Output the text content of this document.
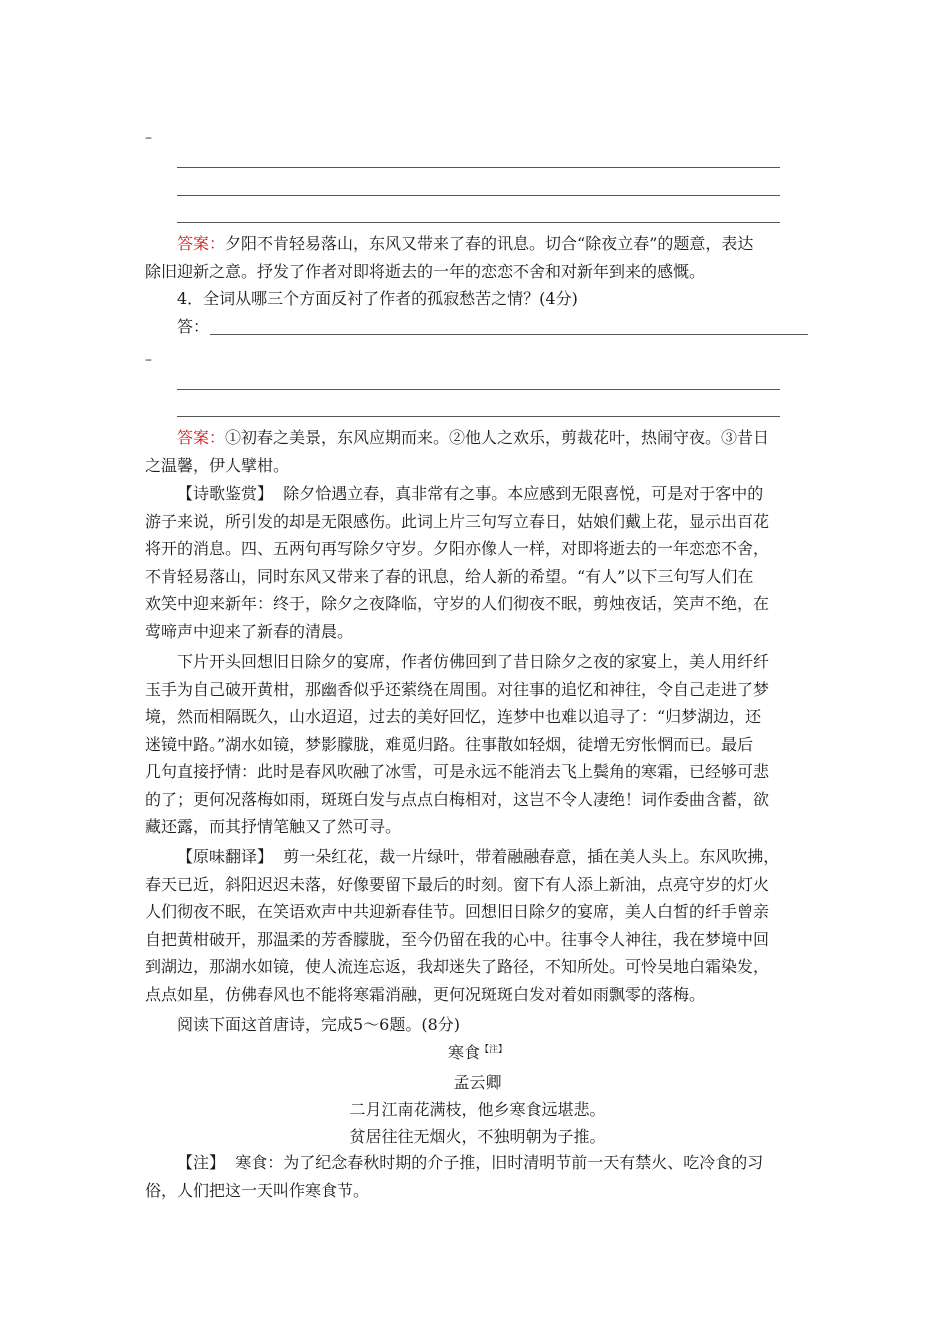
–
答案：夕阳不肯轻易落山，东风又带来了春的讯息。切合“除夜立春”的题意，表达
除旧迎新之意。抒发了作者对即将逝去的一年的恋恋不舍和对新年到来的感慨。
4．全词从哪三个方面反衬了作者的孤寂愁苦之情？(4分)
答：
–
答案：①初春之美景，东风应期而来。②他人之欢乐，剪裁花叶，热闹守夜。③昔日
之温馨，伊人擘柑。
【诗歌鉴赏】 除夕恰遇立春，真非常有之事。本应感到无限喜悦，可是对于客中的
游子来说，所引发的却是无限感伤。此词上片三句写立春日，姑娘们戴上花，显示出百花
将开的消息。四、五两句再写除夕守岁。夕阳亦像人一样，对即将逝去的一年恋恋不舍，
不肯轻易落山，同时东风又带来了春的讯息，给人新的希望。“有人”以下三句写人们在
欢笑中迎来新年：终于，除夕之夜降临，守岁的人们彻夜不眠，剪烛夜话，笑声不绝，在
莺啼声中迎来了新春的清晨。
下片开头回想旧日除夕的宴席，作者仿佛回到了昔日除夕之夜的家宴上，美人用纤纤
玉手为自己破开黄柑，那幽香似乎还萦绕在周围。对往事的追忆和神往，令自己走进了梦
境，然而相隔既久，山水迢迢，过去的美好回忆，连梦中也难以追寻了：“归梦湖边，还
迷镜中路。”湖水如镜，梦影朦胧，难觅归路。往事散如轻烟，徒增无穷怅惘而已。最后
几句直接抒情：此时是春风吹融了冰雪，可是永远不能消去飞上鬓角的寒霜，已经够可悲
的了；更何况落梅如雨，斑斑白发与点点白梅相对，这岂不令人凄绝！词作委曲含蓄，欲
藏还露，而其抒情笔触又了然可寻。
【原味翻译】 剪一朵红花，裁一片绿叶，带着融融春意，插在美人头上。东风吹拂，
春天已近，斜阳迟迟未落，好像要留下最后的时刻。窗下有人添上新油，点亮守岁的灯火
人们彻夜不眠，在笑语欢声中共迎新春佳节。回想旧日除夕的宴席，美人白皙的纤手曾亲
自把黄柑破开，那温柔的芳香朦胧，至今仍留在我的心中。往事令人神往，我在梦境中回
到湖边，那湖水如镜，使人流连忘返，我却迷失了路径，不知所处。可怜吴地白霜染发，
点点如星，仿佛春风也不能将寒霜消融，更何况斑斑白发对着如雨飘零的落梅。
阅读下面这首唐诗，完成5～6题。(8分)
寒食$^{【注】}$
孟云卿
二月江南花满枝，他乡寒食远堪悲。
贫居往往无烟火，不独明朝为子推。
【注】 寒食：为了纪念春秋时期的介子推，旧时清明节前一天有禁火、吃冷食的习
俗，人们把这一天叫作寒食节。
